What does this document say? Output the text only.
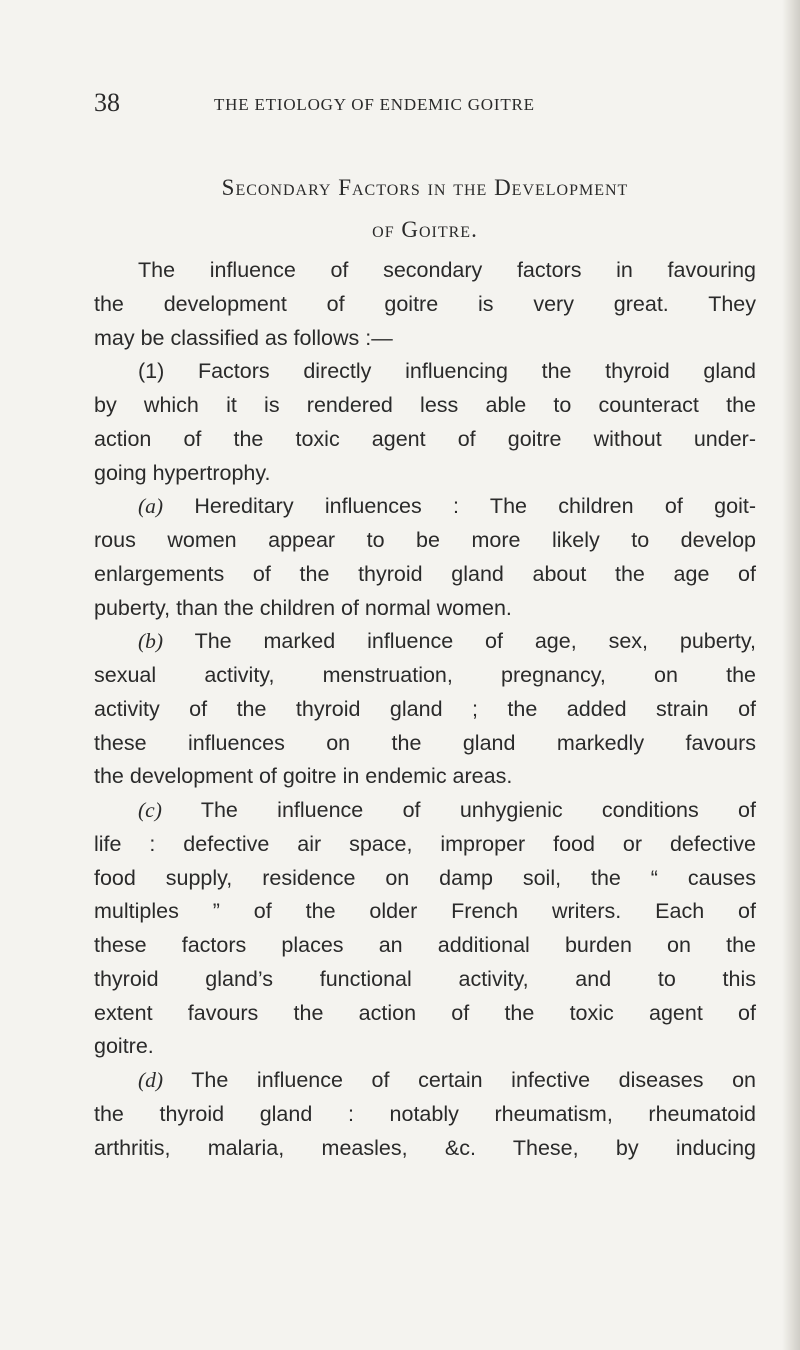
38	THE ETIOLOGY OF ENDEMIC GOITRE
Secondary Factors in the Development
of Goitre.

The influence of secondary factors in favouring
the development of goitre is very great. They
may be classified as follows :—

(1) Factors directly influencing the thyroid gland
by which it is rendered less able to counteract the
action of the toxic agent of goitre without under-
going hypertrophy.

(a) Hereditary influences : The children of goit-
rous women appear to be more likely to develop
enlargements of the thyroid gland about the age of
puberty, than the children of normal women.

(b) The marked influence of age, sex, puberty,
sexual activity, menstruation, pregnancy, on the
activity of the thyroid gland ; the added strain of
these influences on the gland markedly favours
the development of goitre in endemic areas.

(c) The influence of unhygienic conditions of
life : defective air space, improper food or defective
food supply, residence on damp soil, the “ causes
multiples ” of the older French writers. Each of
these factors places an additional burden on the
thyroid gland’s functional activity, and to this
extent favours the action of the toxic agent of
goitre.

(d) The influence of certain infective diseases on
the thyroid gland : notably rheumatism, rheumatoid
arthritis, malaria, measles, &c. These, by inducing
